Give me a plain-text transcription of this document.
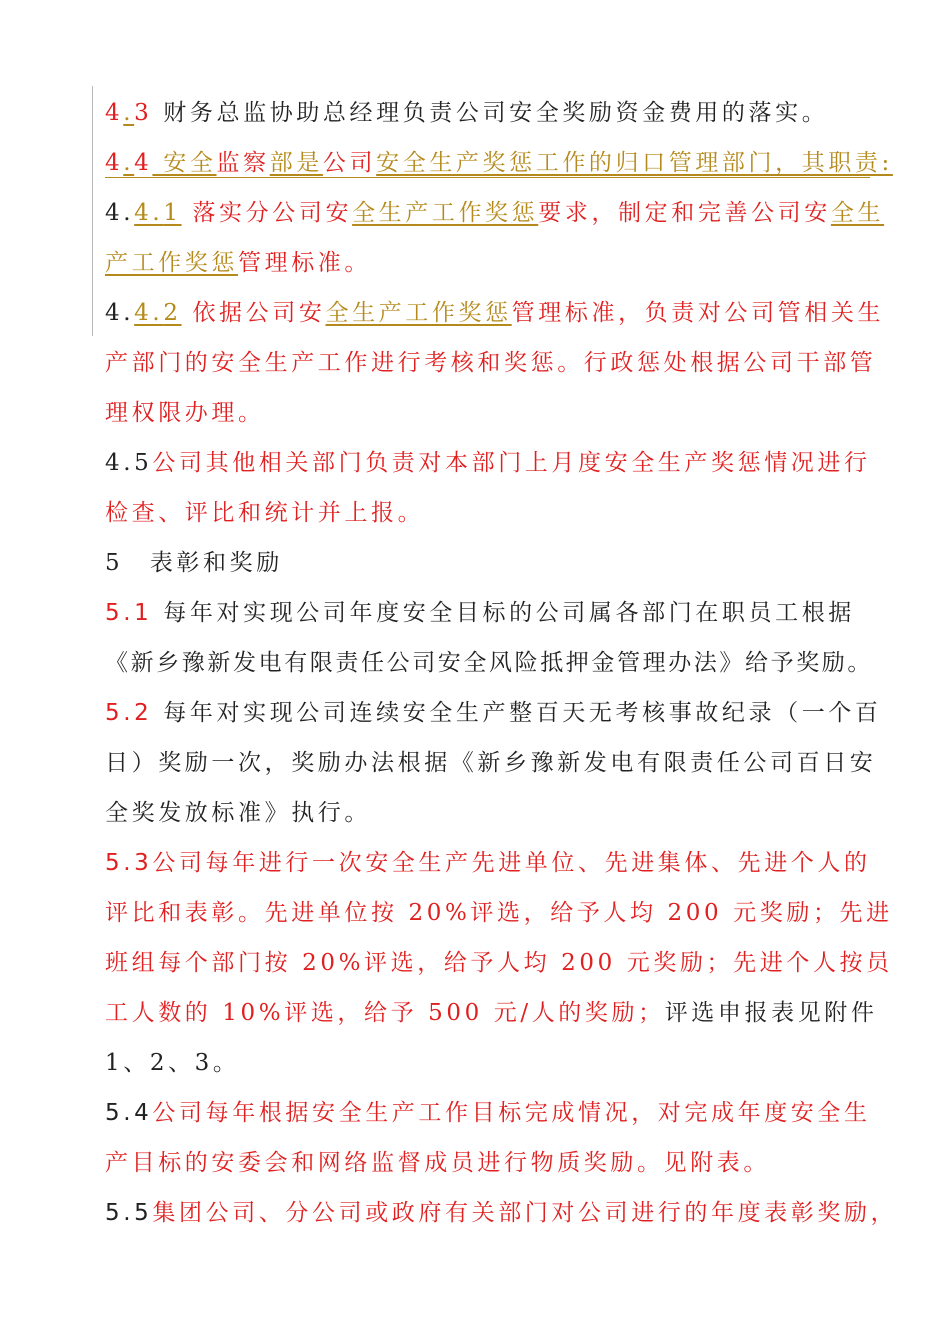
4.3 财务总监协助总经理负责公司安全奖励资金费用的落实。
4.4 安全监察部是公司安全生产奖惩工作的归口管理部门，其职责:
4.4.1 落实分公司安全生产工作奖惩要求，制定和完善公司安全生
产工作奖惩管理标准。
4.4.2 依据公司安全生产工作奖惩管理标准，负责对公司管相关生
产部门的安全生产工作进行考核和奖惩。行政惩处根据公司干部管
理权限办理。
4.5公司其他相关部门负责对本部门上月度安全生产奖惩情况进行
检查、评比和统计并上报。
5　表彰和奖励
5.1 每年对实现公司年度安全目标的公司属各部门在职员工根据
《新乡豫新发电有限责任公司安全风险抵押金管理办法》给予奖励。
5.2 每年对实现公司连续安全生产整百天无考核事故纪录（一个百
日）奖励一次，奖励办法根据《新乡豫新发电有限责任公司百日安
全奖发放标准》执行。
5.3公司每年进行一次安全生产先进单位、先进集体、先进个人的
评比和表彰。先进单位按 20%评选，给予人均 200 元奖励；先进
班组每个部门按 20%评选，给予人均 200 元奖励；先进个人按员
工人数的 10%评选，给予 500 元/人的奖励；评选申报表见附件
1、2、3。
5.4公司每年根据安全生产工作目标完成情况，对完成年度安全生
产目标的安委会和网络监督成员进行物质奖励。见附表。
5.5集团公司、分公司或政府有关部门对公司进行的年度表彰奖励，
